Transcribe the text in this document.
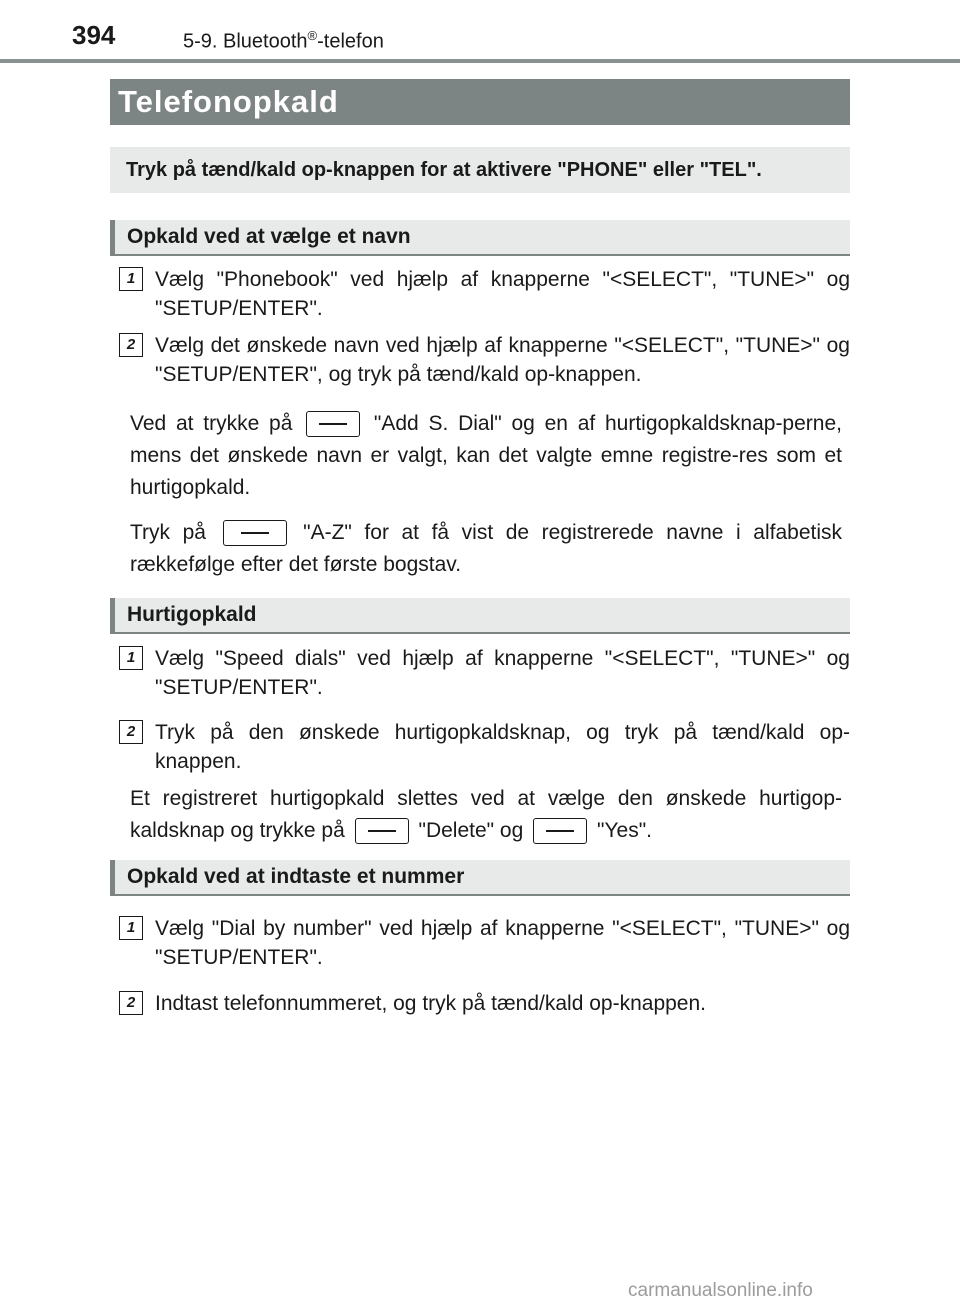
394	5-9. Bluetooth®-telefon
Telefonopkald
Tryk på tænd/kald op-knappen for at aktivere "PHONE" eller "TEL".
Opkald ved at vælge et navn
1 Vælg "Phonebook" ved hjælp af knapperne "<SELECT", "TUNE>" og "SETUP/ENTER".
2 Vælg det ønskede navn ved hjælp af knapperne "<SELECT", "TUNE>" og "SETUP/ENTER", og tryk på tænd/kald op-knappen.
Ved at trykke på	"Add S. Dial" og en af hurtigopkaldsknap-perne, mens det ønskede navn er valgt, kan det valgte emne registre-res som et hurtigopkald.
Tryk på	"A-Z" for at få vist de registrerede navne i alfabetisk rækkefølge efter det første bogstav.
Hurtigopkald
1 Vælg "Speed dials" ved hjælp af knapperne "<SELECT", "TUNE>" og "SETUP/ENTER".
2 Tryk på den ønskede hurtigopkaldsknap, og tryk på tænd/kald op-knappen.
Et registreret hurtigopkald slettes ved at vælge den ønskede hurtigop-kaldsknap og trykke på	"Delete" og	"Yes".
Opkald ved at indtaste et nummer
1 Vælg "Dial by number" ved hjælp af knapperne "<SELECT", "TUNE>" og "SETUP/ENTER".
2 Indtast telefonnummeret, og tryk på tænd/kald op-knappen.
carmanualsonline.info
